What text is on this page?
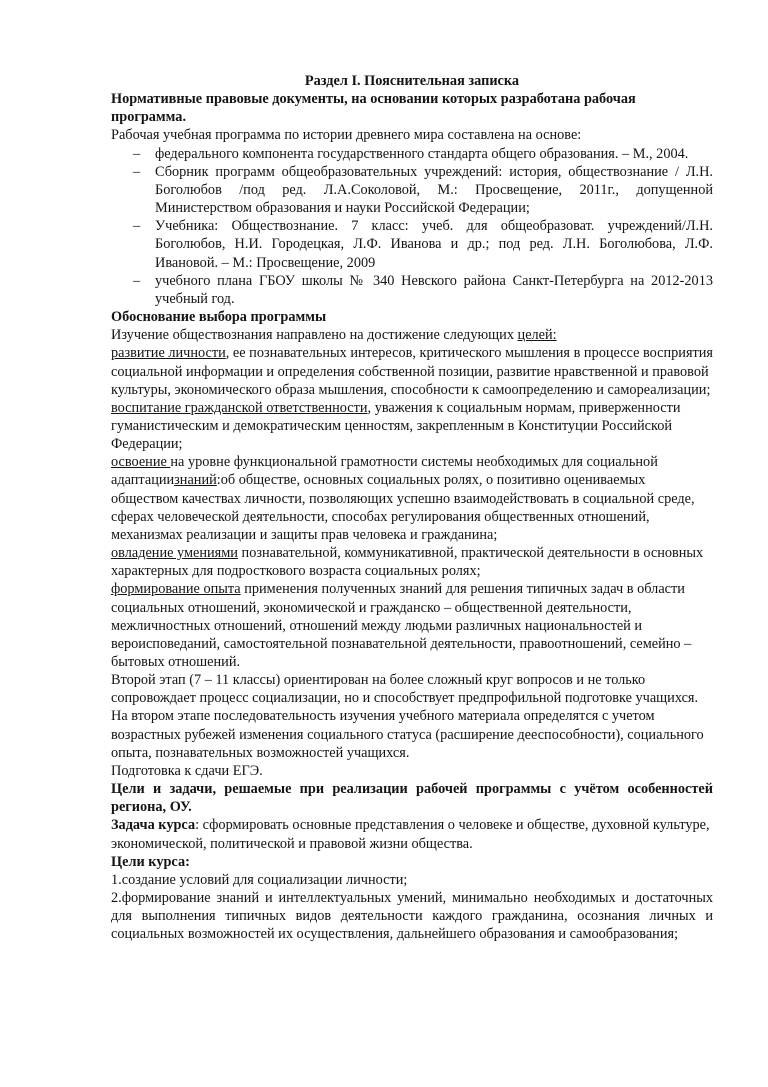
Раздел I. Пояснительная записка

Нормативные правовые документы, на основании которых разработана рабочая программа.

Рабочая учебная программа по истории древнего мира составлена на основе:

– федерального компонента государственного стандарта общего образования. – М., 2004.
– Сборник программ общеобразовательных учреждений: история, обществознание / Л.Н. Боголюбов /под ред. Л.А.Соколовой, М.: Просвещение, 2011г., допущенной Министерством образования и науки Российской Федерации;
– Учебника: Обществознание. 7 класс: учеб. для общеобразоват. учреждений/Л.Н. Боголюбов, Н.И. Городецкая, Л.Ф. Иванова и др.; под ред. Л.Н. Боголюбова, Л.Ф. Ивановой. – М.: Просвещение, 2009
– учебного плана ГБОУ школы № 340 Невского района Санкт-Петербурга на 2012-2013 учебный год.

Обоснование выбора программы

Изучение обществознания направлено на достижение следующих целей:

развитие личности, ее познавательных интересов, критического мышления в процессе восприятия социальной информации и определения собственной позиции, развитие нравственной и правовой культуры, экономического образа мышления, способности к самоопределению и самореализации;

воспитание гражданской ответственности, уважения к социальным нормам, приверженности гуманистическим и демократическим ценностям, закрепленным в Конституции Российской Федерации;

освоение на уровне функциональной грамотности системы необходимых для социальной адаптациизнаний:об обществе, основных социальных ролях, о позитивно оцениваемых обществом качествах личности, позволяющих успешно взаимодействовать в социальной среде, сферах человеческой деятельности, способах регулирования общественных отношений, механизмах реализации и защиты прав человека и гражданина;

овладение умениями познавательной, коммуникативной, практической деятельности в основных характерных для подросткового возраста социальных ролях;

формирование опыта применения полученных знаний для решения типичных задач в области социальных отношений, экономической и гражданско – общественной деятельности, межличностных отношений, отношений между людьми различных национальностей и вероисповеданий, самостоятельной познавательной деятельности, правоотношений, семейно – бытовых отношений.

Второй этап (7 – 11 классы) ориентирован на более сложный круг вопросов и не только сопровождает процесс социализации, но и способствует предпрофильной подготовке учащихся. На втором этапе последовательность изучения учебного материала определятся с учетом возрастных рубежей изменения социального статуса (расширение дееспособности), социального опыта, познавательных возможностей учащихся.

Подготовка к сдачи ЕГЭ.

Цели и задачи, решаемые при реализации рабочей программы с учётом особенностей региона, ОУ.

Задача курса: сформировать основные представления о человеке и обществе, духовной культуре, экономической, политической и правовой жизни общества.

Цели курса:

1.создание условий для социализации личности;

2.формирование знаний и интеллектуальных умений, минимально необходимых и достаточных для выполнения типичных видов деятельности каждого гражданина, осознания личных и социальных возможностей их осуществления, дальнейшего образования и самообразования;
